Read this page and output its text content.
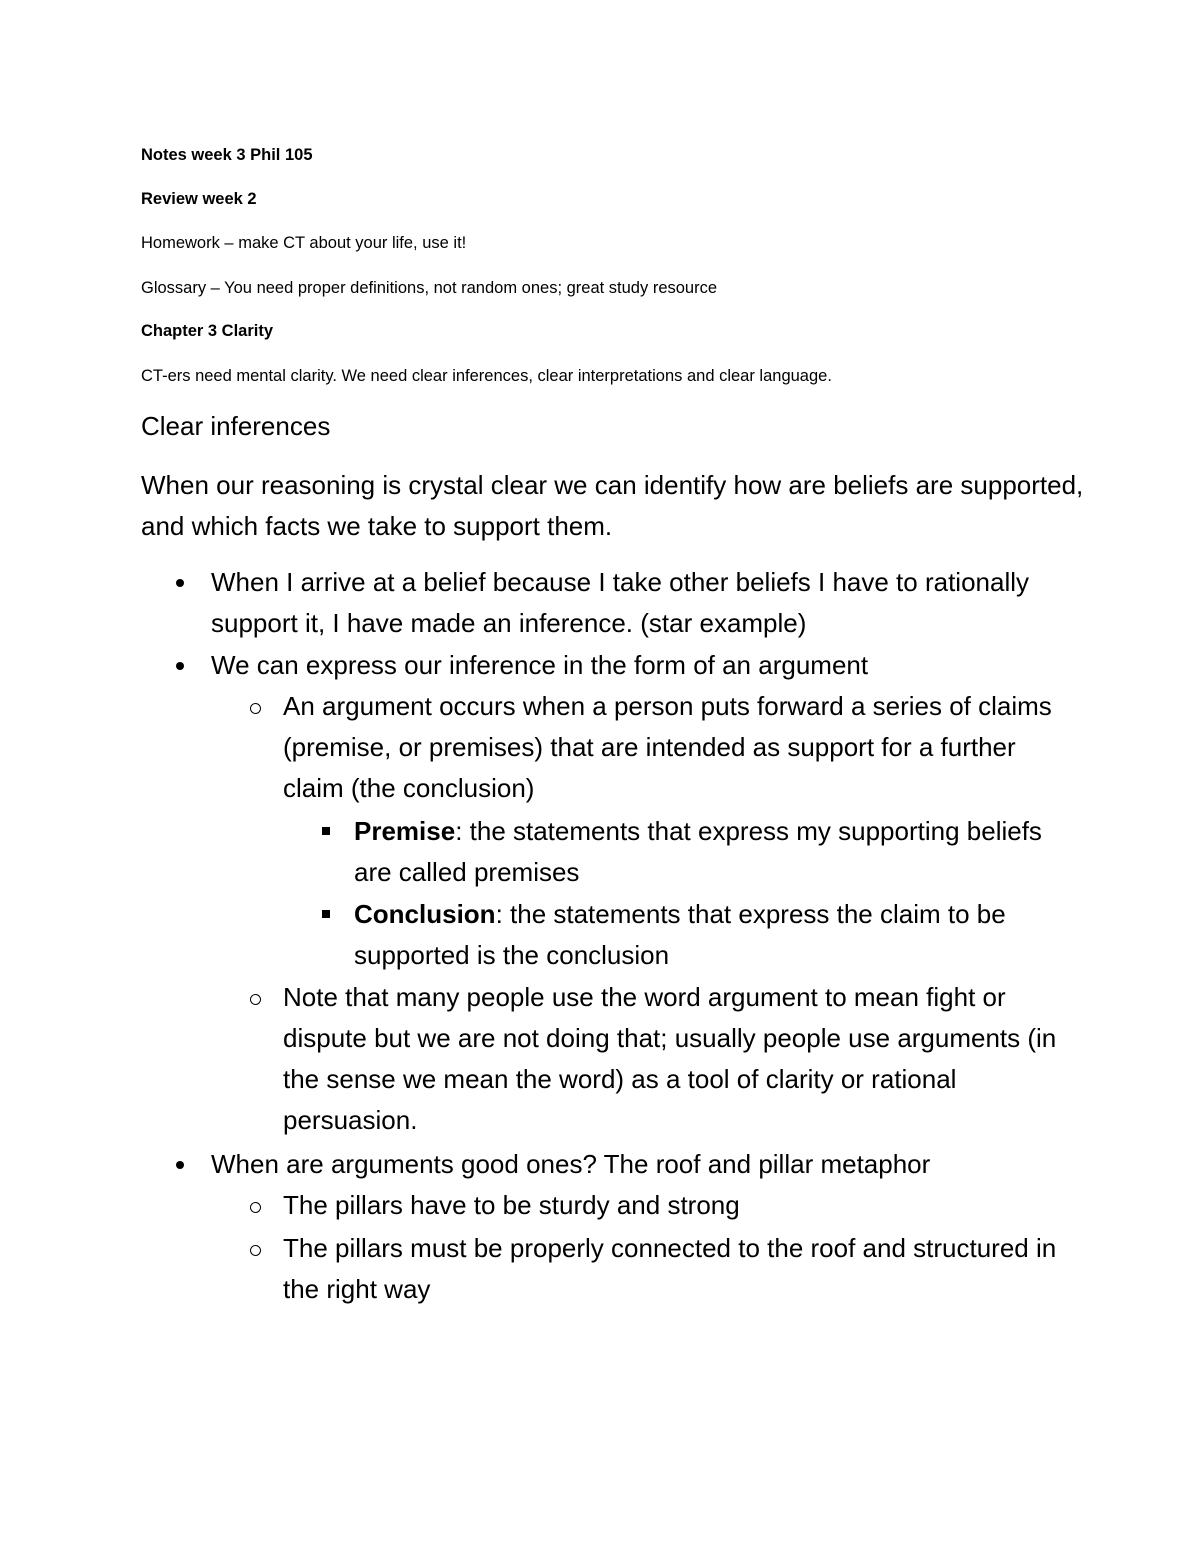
Notes week 3 Phil 105
Review week 2
Homework – make CT about your life, use it!
Glossary – You need proper definitions, not random ones; great study resource
Chapter 3 Clarity
CT-ers need mental clarity. We need clear inferences, clear interpretations and clear language.
Clear inferences
When our reasoning is crystal clear we can identify how are beliefs are supported, and which facts we take to support them.
When I arrive at a belief because I take other beliefs I have to rationally support it, I have made an inference. (star example)
We can express our inference in the form of an argument
An argument occurs when a person puts forward a series of claims (premise, or premises) that are intended as support for a further claim (the conclusion)
Premise: the statements that express my supporting beliefs are called premises
Conclusion: the statements that express the claim to be supported is the conclusion
Note that many people use the word argument to mean fight or dispute but we are not doing that; usually people use arguments (in the sense we mean the word) as a tool of clarity or rational persuasion.
When are arguments good ones? The roof and pillar metaphor
The pillars have to be sturdy and strong
The pillars must be properly connected to the roof and structured in the right way
